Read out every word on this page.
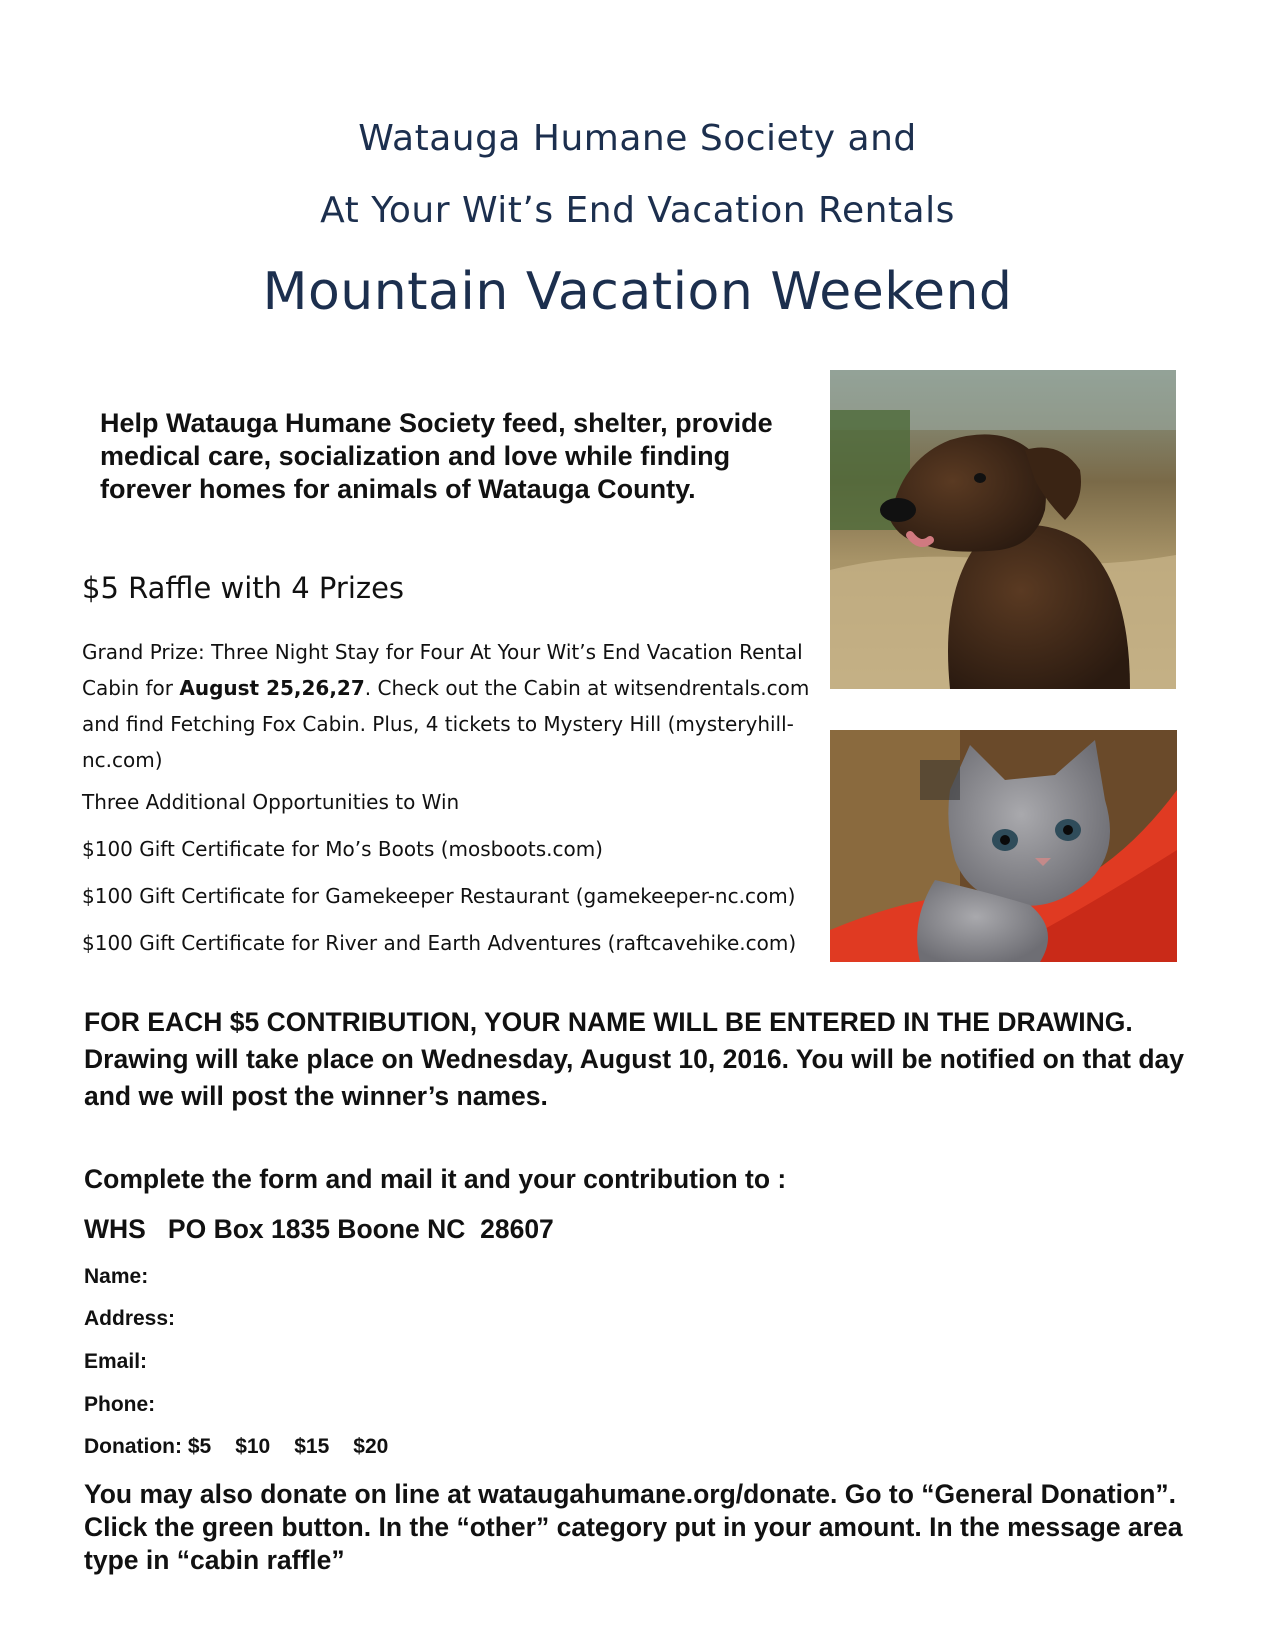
Watauga Humane Society and
At Your Wit’s End Vacation Rentals
Mountain Vacation Weekend

Help Watauga Humane Society feed, shelter, provide medical care, socialization and love while finding forever homes for animals of Watauga County.

$5 Raffle with 4 Prizes

Grand Prize: Three Night Stay for Four At Your Wit’s End Vacation Rental Cabin for August 25,26,27. Check out the Cabin at witsendrentals.com and find Fetching Fox Cabin. Plus, 4 tickets to Mystery Hill (mysteryhill-nc.com)

Three Additional Opportunities to Win

$100 Gift Certificate for Mo’s Boots (mosboots.com)

$100 Gift Certificate for Gamekeeper Restaurant (gamekeeper-nc.com)

$100 Gift Certificate for River and Earth Adventures (raftcavehike.com)

FOR EACH $5 CONTRIBUTION, YOUR NAME WILL BE ENTERED IN THE DRAWING. Drawing will take place on Wednesday, August 10, 2016. You will be notified on that day and we will post the winner’s names.

Complete the form and mail it and your contribution to :

WHS   PO Box 1835 Boone NC  28607

Name:

Address:

Email:

Phone:

Donation: $5 $10 $15 $20

You may also donate on line at wataugahumane.org/donate. Go to “General Donation”. Click the green button. In the “other” category put in your amount. In the message area type in “cabin raffle”
